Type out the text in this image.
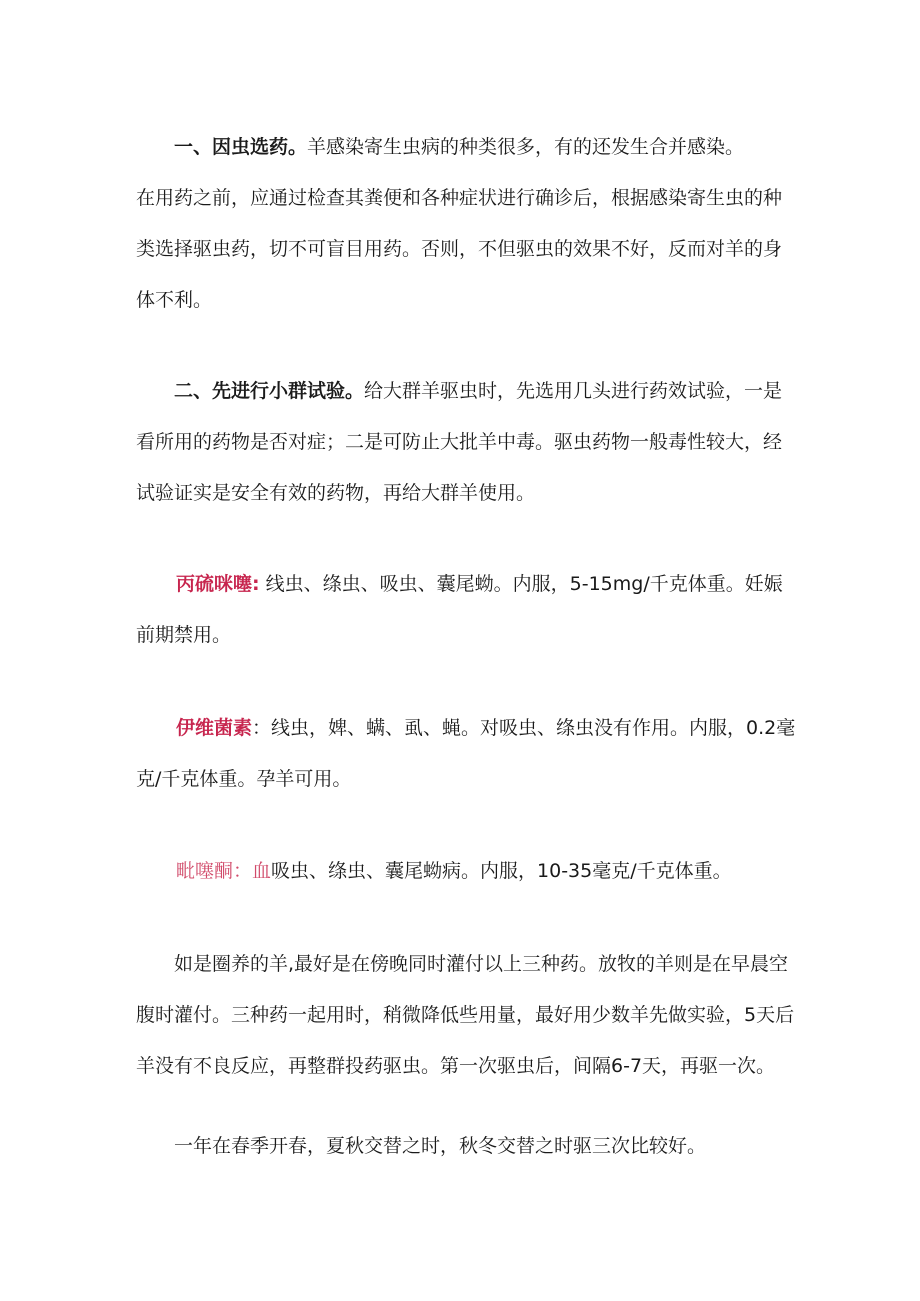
一、因虫选药。羊感染寄生虫病的种类很多，有的还发生合并感染。

在用药之前，应通过检查其粪便和各种症状进行确诊后，根据感染寄生虫的种类选择驱虫药，切不可盲目用药。否则，不但驱虫的效果不好，反而对羊的身体不利。

二、先进行小群试验。给大群羊驱虫时，先选用几头进行药效试验，一是看所用的药物是否对症；二是可防止大批羊中毒。驱虫药物一般毒性较大，经试验证实是安全有效的药物，再给大群羊使用。

丙硫咪噻: 线虫、绦虫、吸虫、囊尾蚴。内服，5-15mg/千克体重。妊娠前期禁用。

伊维菌素：线虫，婢、螨、虱、蝇。对吸虫、绦虫没有作用。内服，0.2毫克/千克体重。孕羊可用。

毗噻酮：血吸虫、绦虫、囊尾蚴病。内服，10-35毫克/千克体重。

如是圈养的羊,最好是在傍晚同时灌付以上三种药。放牧的羊则是在早晨空腹时灌付。三种药一起用时，稍微降低些用量，最好用少数羊先做实验，5天后羊没有不良反应，再整群投药驱虫。第一次驱虫后，间隔6-7天，再驱一次。

一年在春季开春，夏秋交替之时，秋冬交替之时驱三次比较好。
